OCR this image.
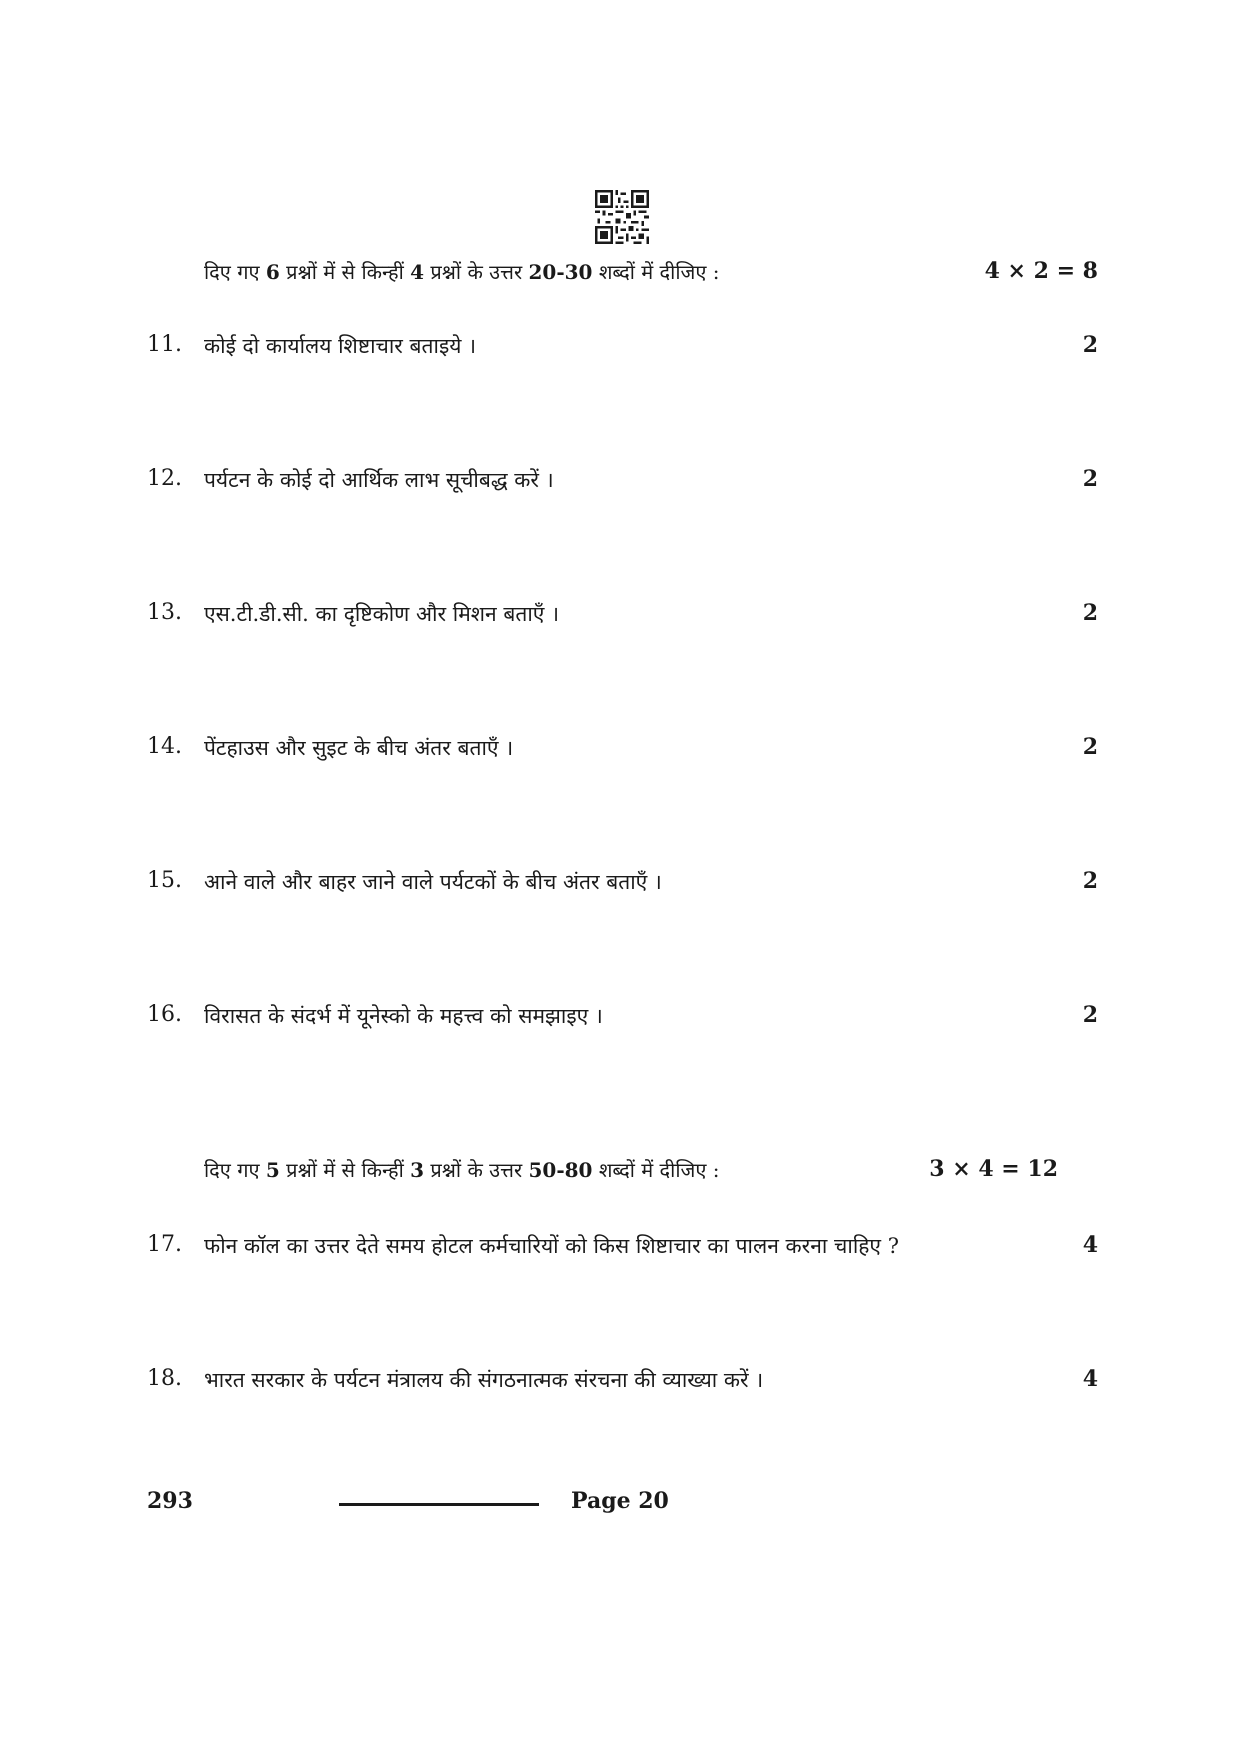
दिए गए 6 प्रश्नों में से किन्हीं 4 प्रश्नों के उत्तर 20-30 शब्दों में दीजिए :	4 × 2 = 8
11. कोई दो कार्यालय शिष्टाचार बताइये ।	2
12. पर्यटन के कोई दो आर्थिक लाभ सूचीबद्ध करें ।	2
13. एस.टी.डी.सी. का दृष्टिकोण और मिशन बताएँ ।	2
14. पेंटहाउस और सुइट के बीच अंतर बताएँ ।	2
15. आने वाले और बाहर जाने वाले पर्यटकों के बीच अंतर बताएँ ।	2
16. विरासत के संदर्भ में यूनेस्को के महत्त्व को समझाइए ।	2
दिए गए 5 प्रश्नों में से किन्हीं 3 प्रश्नों के उत्तर 50-80 शब्दों में दीजिए :	3 × 4 = 12
17. फोन कॉल का उत्तर देते समय होटल कर्मचारियों को किस शिष्टाचार का पालन करना चाहिए ?	4
18. भारत सरकार के पर्यटन मंत्रालय की संगठनात्मक संरचना की व्याख्या करें ।	4
293	Page 20
